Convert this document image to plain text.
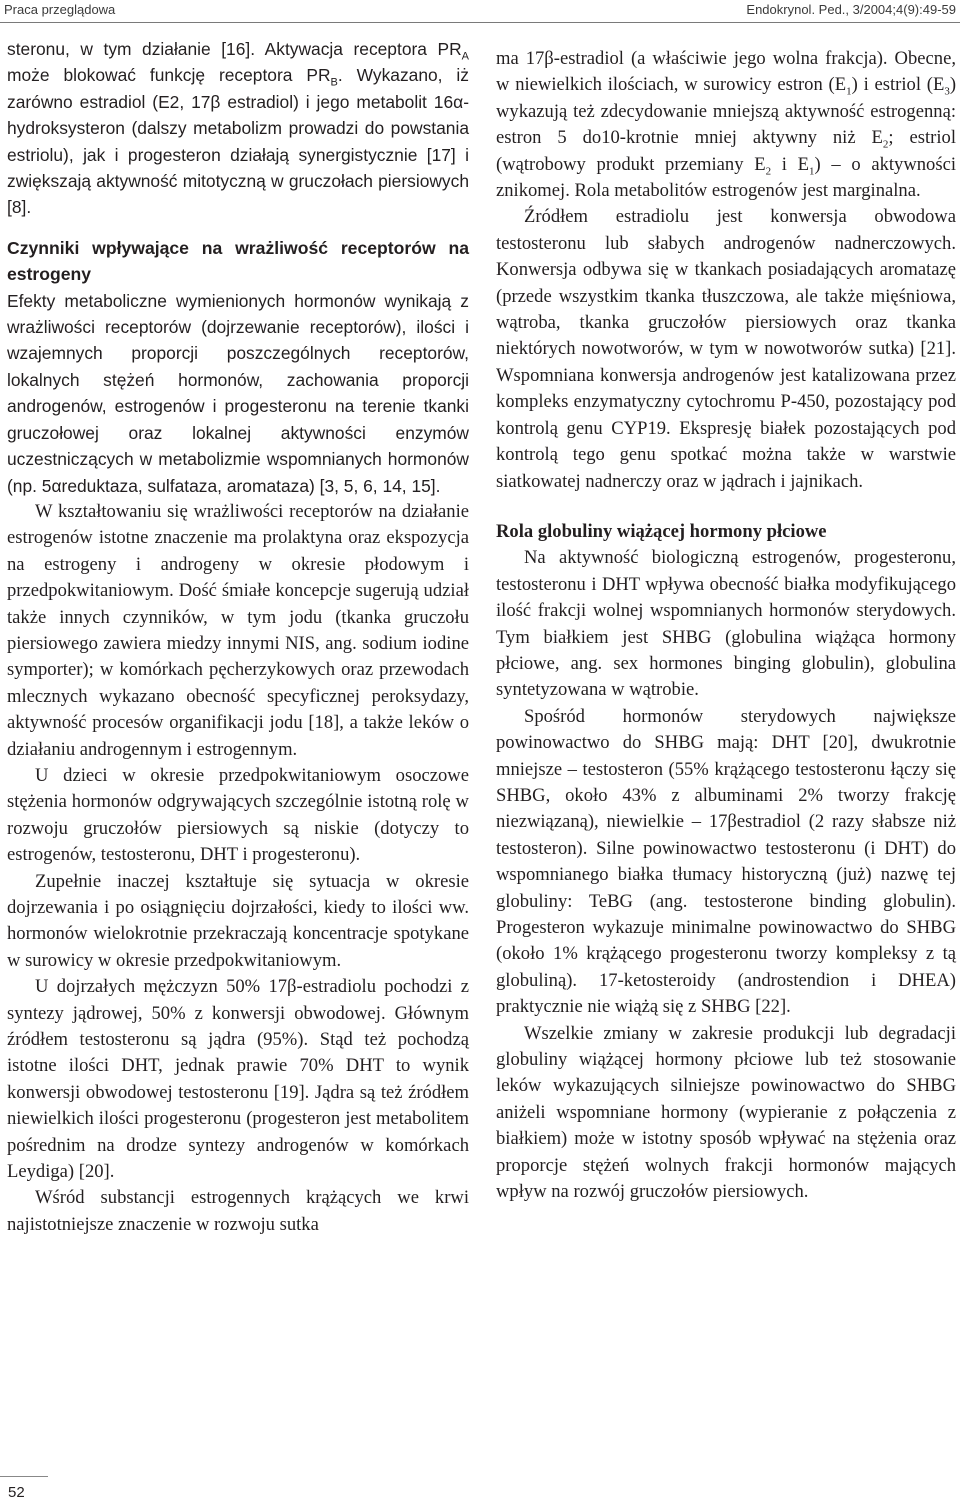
Praca przeglądowa	Endokrynol. Ped., 3/2004;4(9):49-59

steronu, w tym działanie [16]. Aktywacja receptora $PR_A$ może blokować funkcję receptora $PR_B$. Wykazano, iż zarówno estradiol (E2, 17β estradiol) i jego metabolit 16α-hydroksysteron (dalszy metabolizm prowadzi do powstania estriolu), jak i progesteron działają synergistycznie [17] i zwiększają aktywność mitotyczną w gruczołach piersiowych [8].

Czynniki wpływające na wrażliwość receptorów na estrogeny

Efekty metaboliczne wymienionych hormonów wynikają z wrażliwości receptorów (dojrzewanie receptorów), ilości i wzajemnych proporcji poszczególnych receptorów, lokalnych stężeń hormonów, zachowania proporcji androgenów, estrogenów i progesteronu na terenie tkanki gruczołowej oraz lokalnej aktywności enzymów uczestniczących w metabolizmie wspomnianych hormonów (np. 5αreduktaza, sulfataza, aromataza) [3, 5, 6, 14, 15].

W kształtowaniu się wrażliwości receptorów na działanie estrogenów istotne znaczenie ma prolaktyna oraz ekspozycja na estrogeny i androgeny w okresie płodowym i przedpokwitaniowym. Dość śmiałe koncepcje sugerują udział także innych czynników, w tym jodu (tkanka gruczołu piersiowego zawiera miedzy innymi NIS, ang. sodium iodine symporter); w komórkach pęcherzykowych oraz przewodach mlecznych wykazano obecność specyficznej peroksydazy, aktywność procesów organifikacji jodu [18], a także leków o działaniu androgennym i estrogennym.

U dzieci w okresie przedpokwitaniowym osoczowe stężenia hormonów odgrywających szczególnie istotną rolę w rozwoju gruczołów piersiowych są niskie (dotyczy to estrogenów, testosteronu, DHT i progesteronu).

Zupełnie inaczej kształtuje się sytuacja w okresie dojrzewania i po osiągnięciu dojrzałości, kiedy to ilości ww. hormonów wielokrotnie przekraczają koncentracje spotykane w surowicy w okresie przedpokwitaniowym.

U dojrzałych mężczyzn 50% 17β-estradiolu pochodzi z syntezy jądrowej, 50% z konwersji obwodowej. Głównym źródłem testosteronu są jądra (95%). Stąd też pochodzą istotne ilości DHT, jednak prawie 70% DHT to wynik konwersji obwodowej testosteronu [19]. Jądra są też źródłem niewielkich ilości progesteronu (progesteron jest metabolitem pośrednim na drodze syntezy androgenów w komórkach Leydiga) [20].

Wśród substancji estrogennych krążących we krwi najistotniejsze znaczenie w rozwoju sutka

ma 17β-estradiol (a właściwie jego wolna frakcja). Obecne, w niewielkich ilościach, w surowicy estron $(E_1)$ i estriol $(E_3)$ wykazują też zdecydowanie mniejszą aktywność estrogenną: estron 5 do10-krotnie mniej aktywny niż $E_2$; estriol (wątrobowy produkt przemiany $E_2$ i $E_1$) – o aktywności znikomej. Rola metabolitów estrogenów jest marginalna.

Źródłem estradiolu jest konwersja obwodowa testosteronu lub słabych androgenów nadnerczowych. Konwersja odbywa się w tkankach posiadających aromatazę (przede wszystkim tkanka tłuszczowa, ale także mięśniowa, wątroba, tkanka gruczołów piersiowych oraz tkanka niektórych nowotworów, w tym w nowotworów sutka) [21]. Wspomniana konwersja androgenów jest katalizowana przez kompleks enzymatyczny cytochromu P-450, pozostający pod kontrolą genu CYP19. Ekspresję białek pozostających pod kontrolą tego genu spotkać można także w warstwie siatkowatej nadnerczy oraz w jądrach i jajnikach.

Rola globuliny wiążącej hormony płciowe

Na aktywność biologiczną estrogenów, progesteronu, testosteronu i DHT wpływa obecność białka modyfikującego ilość frakcji wolnej wspomnianych hormonów sterydowych. Tym białkiem jest SHBG (globulina wiążąca hormony płciowe, ang. sex hormones binging globulin), globulina syntetyzowana w wątrobie.

Spośród hormonów sterydowych największe powinowactwo do SHBG mają: DHT [20], dwukrotnie mniejsze – testosteron (55% krążącego testosteronu łączy się SHBG, około 43% z albuminami 2% tworzy frakcję niezwiązaną), niewielkie – 17βestradiol (2 razy słabsze niż testosteron). Silne powinowactwo testosteronu (i DHT) do wspomnianego białka tłumacy historyczną (już) nazwę tej globuliny: TeBG (ang. testosterone binding globulin). Progesteron wykazuje minimalne powinowactwo do SHBG (około 1% krążącego progesteronu tworzy kompleksy z tą globuliną). 17-ketosteroidy (androstendion i DHEA) praktycznie nie wiążą się z SHBG [22].

Wszelkie zmiany w zakresie produkcji lub degradacji globuliny wiążącej hormony płciowe lub też stosowanie leków wykazujących silniejsze powinowactwo do SHBG aniżeli wspomniane hormony (wypieranie z połączenia z białkiem) może w istotny sposób wpływać na stężenia oraz proporcje stężeń wolnych frakcji hormonów mających wpływ na rozwój gruczołów piersiowych.

52
